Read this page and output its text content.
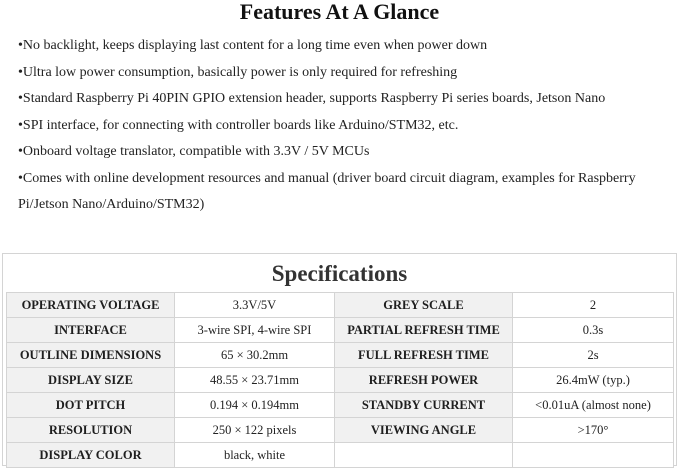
Features At A Glance
•No backlight, keeps displaying last content for a long time even when power down
•Ultra low power consumption, basically power is only required for refreshing
•Standard Raspberry Pi 40PIN GPIO extension header, supports Raspberry Pi series boards, Jetson Nano
•SPI interface, for connecting with controller boards like Arduino/STM32, etc.
•Onboard voltage translator, compatible with 3.3V / 5V MCUs
•Comes with online development resources and manual (driver board circuit diagram, examples for Raspberry Pi/Jetson Nano/Arduino/STM32)
Specifications
OPERATING VOLTAGE	3.3V/5V	GREY SCALE	2
INTERFACE	3-wire SPI, 4-wire SPI	PARTIAL REFRESH TIME	0.3s
OUTLINE DIMENSIONS	65 × 30.2mm	FULL REFRESH TIME	2s
DISPLAY SIZE	48.55 × 23.71mm	REFRESH POWER	26.4mW (typ.)
DOT PITCH	0.194 × 0.194mm	STANDBY CURRENT	<0.01uA (almost none)
RESOLUTION	250 × 122 pixels	VIEWING ANGLE	>170°
DISPLAY COLOR	black, white		
